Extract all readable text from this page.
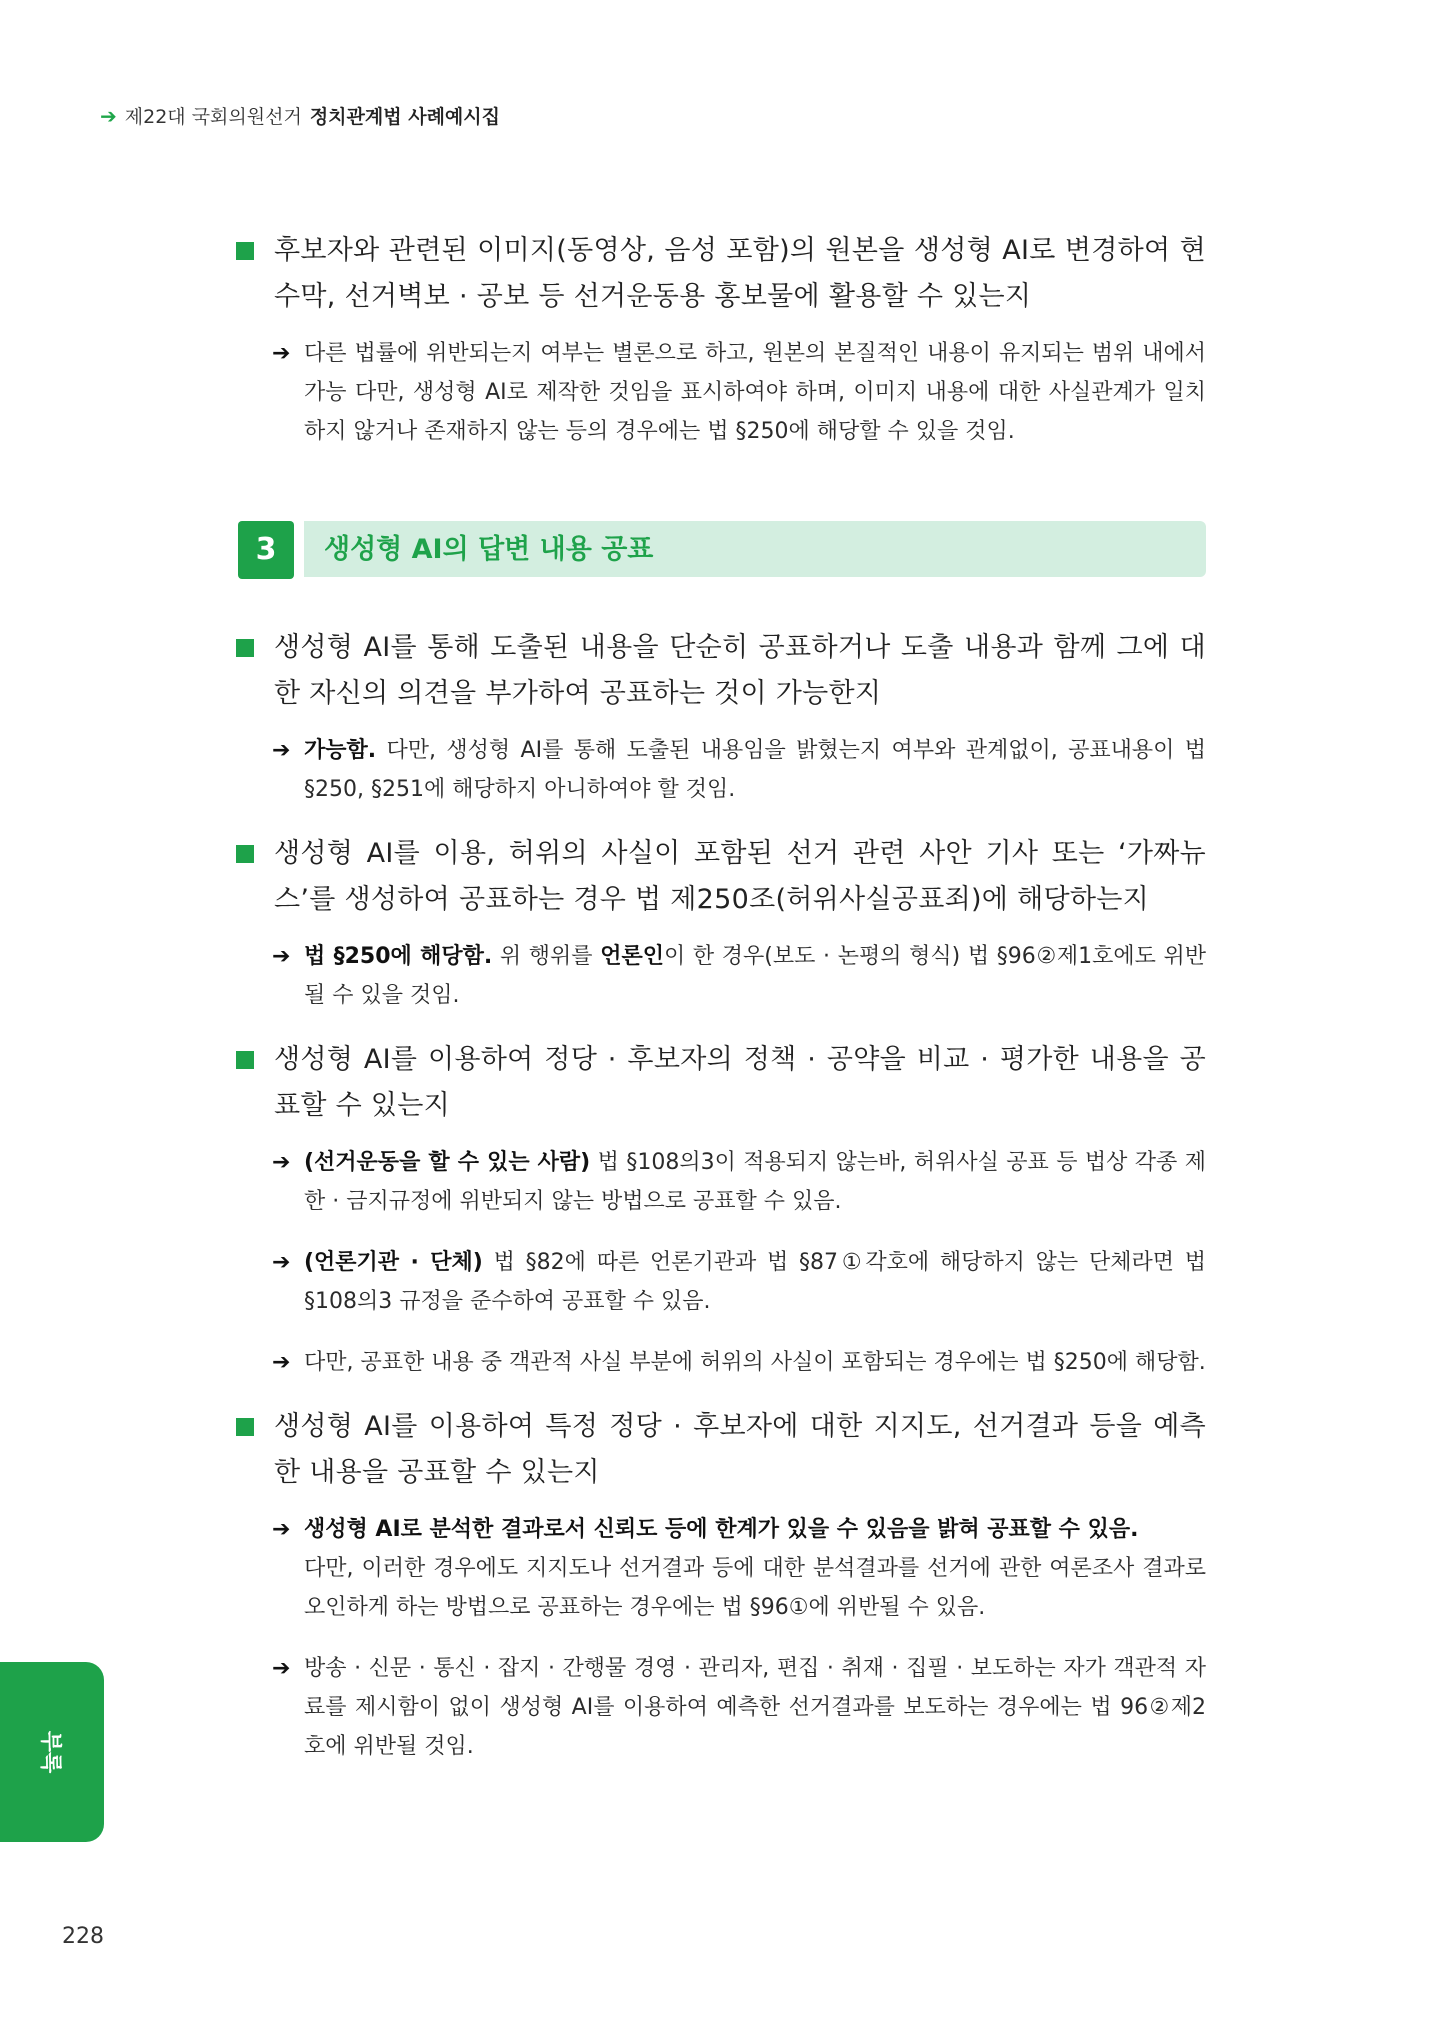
➔ 제22대 국회의원선거 정치관계법 사례예시집
후보자와 관련된 이미지(동영상, 음성 포함)의 원본을 생성형 AI로 변경하여 현수막, 선거벽보 · 공보 등 선거운동용 홍보물에 활용할 수 있는지
➔ 다른 법률에 위반되는지 여부는 별론으로 하고, 원본의 본질적인 내용이 유지되는 범위 내에서 가능 다만, 생성형 AI로 제작한 것임을 표시하여야 하며, 이미지 내용에 대한 사실관계가 일치하지 않거나 존재하지 않는 등의 경우에는 법 §250에 해당할 수 있을 것임.
3	생성형 AI의 답변 내용 공표
생성형 AI를 통해 도출된 내용을 단순히 공표하거나 도출 내용과 함께 그에 대한 자신의 의견을 부가하여 공표하는 것이 가능한지
➔ 가능함. 다만, 생성형 AI를 통해 도출된 내용임을 밝혔는지 여부와 관계없이, 공표내용이 법 §250, §251에 해당하지 아니하여야 할 것임.
생성형 AI를 이용, 허위의 사실이 포함된 선거 관련 사안 기사 또는 ‘가짜뉴스’를 생성하여 공표하는 경우 법 제250조(허위사실공표죄)에 해당하는지
➔ 법 §250에 해당함. 위 행위를 언론인이 한 경우(보도 · 논평의 형식) 법 §96②제1호에도 위반될 수 있을 것임.
생성형 AI를 이용하여 정당 · 후보자의 정책 · 공약을 비교 · 평가한 내용을 공표할 수 있는지
➔ (선거운동을 할 수 있는 사람) 법 §108의3이 적용되지 않는바, 허위사실 공표 등 법상 각종 제한 · 금지규정에 위반되지 않는 방법으로 공표할 수 있음.
➔ (언론기관 · 단체) 법 §82에 따른 언론기관과 법 §87①각호에 해당하지 않는 단체라면 법 §108의3 규정을 준수하여 공표할 수 있음.
➔ 다만, 공표한 내용 중 객관적 사실 부분에 허위의 사실이 포함되는 경우에는 법 §250에 해당함.
생성형 AI를 이용하여 특정 정당 · 후보자에 대한 지지도, 선거결과 등을 예측한 내용을 공표할 수 있는지
➔ 생성형 AI로 분석한 결과로서 신뢰도 등에 한계가 있을 수 있음을 밝혀 공표할 수 있음.
다만, 이러한 경우에도 지지도나 선거결과 등에 대한 분석결과를 선거에 관한 여론조사 결과로 오인하게 하는 방법으로 공표하는 경우에는 법 §96①에 위반될 수 있음.
➔ 방송 · 신문 · 통신 · 잡지 · 간행물 경영 · 관리자, 편집 · 취재 · 집필 · 보도하는 자가 객관적 자료를 제시함이 없이 생성형 AI를 이용하여 예측한 선거결과를 보도하는 경우에는 법 96②제2호에 위반될 것임.
부록
228
